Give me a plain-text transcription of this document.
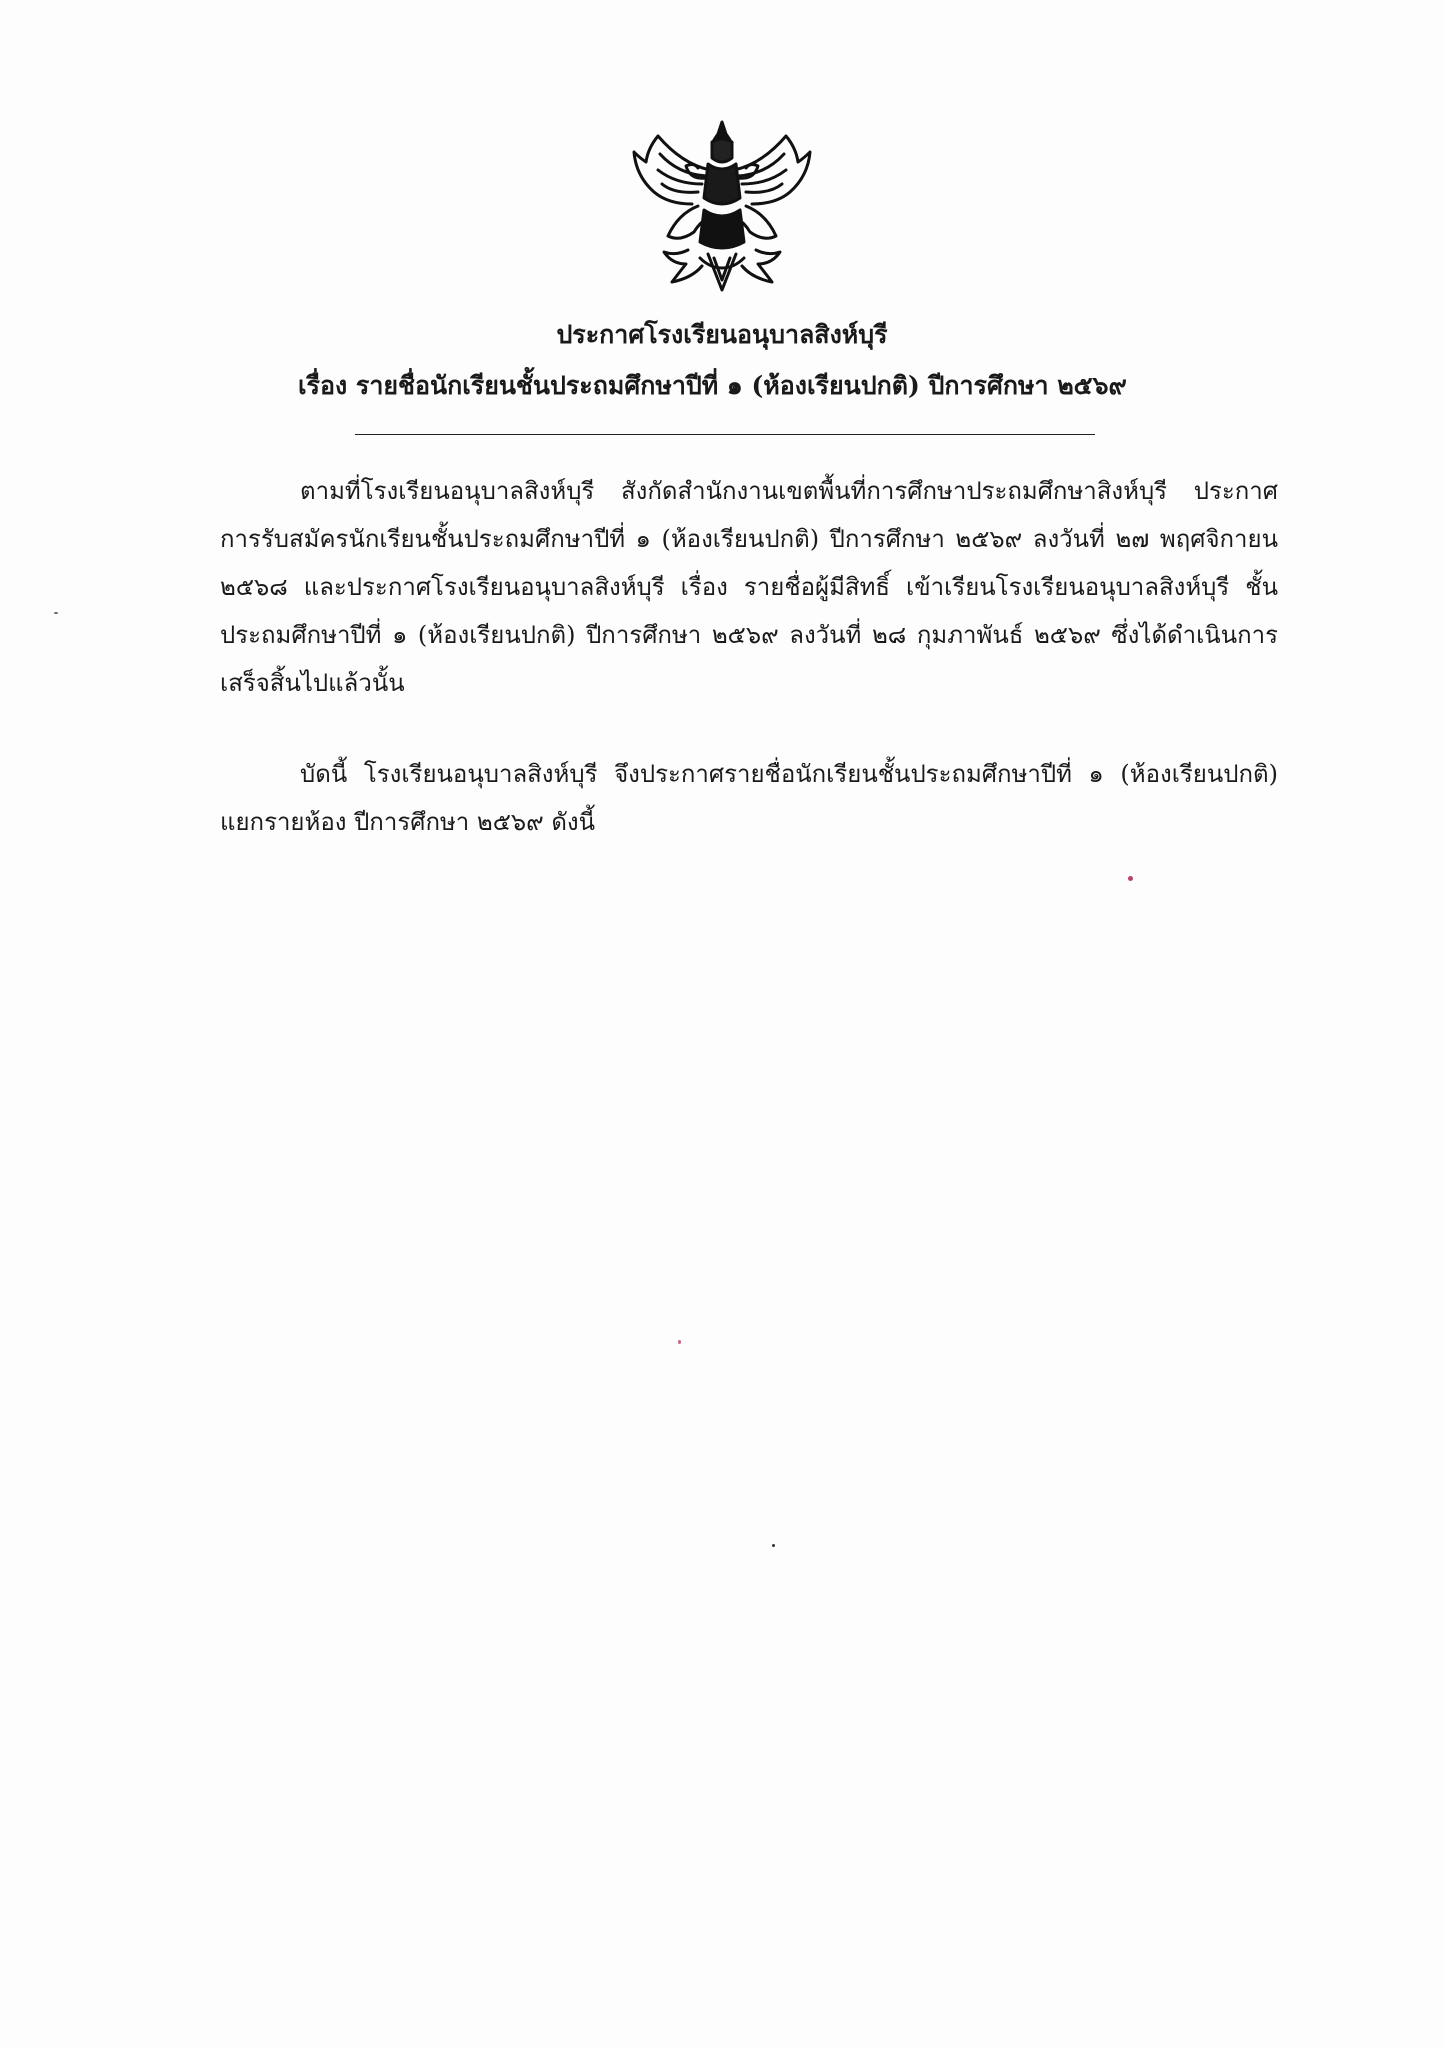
ประกาศโรงเรียนอนุบาลสิงห์บุรี
เรื่อง รายชื่อนักเรียนชั้นประถมศึกษาปีที่ ๑ (ห้องเรียนปกติ) ปีการศึกษา ๒๕๖๙
ตามที่โรงเรียนอนุบาลสิงห์บุรี สังกัดสำนักงานเขตพื้นที่การศึกษาประถมศึกษาสิงห์บุรี ประกาศการรับสมัครนักเรียนชั้นประถมศึกษาปีที่ ๑ (ห้องเรียนปกติ) ปีการศึกษา ๒๕๖๙ ลงวันที่ ๒๗ พฤศจิกายน ๒๕๖๘ และประกาศโรงเรียนอนุบาลสิงห์บุรี เรื่อง รายชื่อผู้มีสิทธิ์ เข้าเรียนโรงเรียนอนุบาลสิงห์บุรี ชั้นประถมศึกษาปีที่ ๑ (ห้องเรียนปกติ) ปีการศึกษา ๒๕๖๙ ลงวันที่ ๒๘ กุมภาพันธ์ ๒๕๖๙ ซึ่งได้ดำเนินการเสร็จสิ้นไปแล้วนั้น
บัดนี้ โรงเรียนอนุบาลสิงห์บุรี จึงประกาศรายชื่อนักเรียนชั้นประถมศึกษาปีที่ ๑ (ห้องเรียนปกติ) แยกรายห้อง ปีการศึกษา ๒๕๖๙ ดังนี้
